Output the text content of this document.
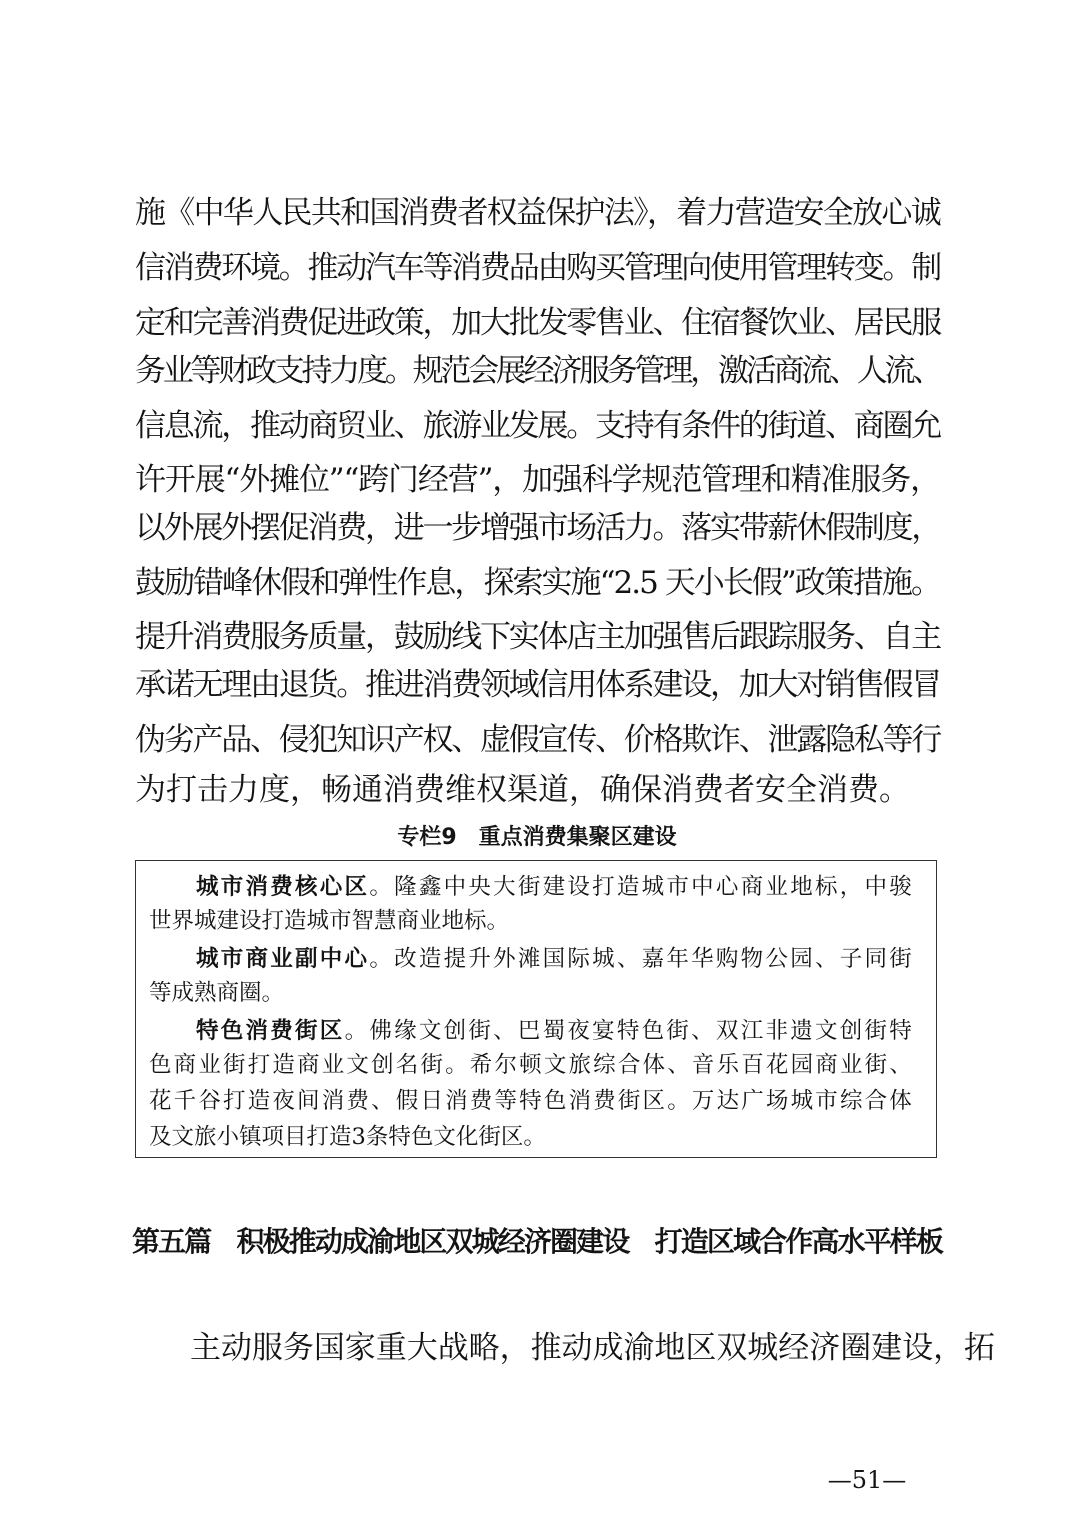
施《中华人民共和国消费者权益保护法》，着力营造安全放心诚

信消费环境。推动汽车等消费品由购买管理向使用管理转变。制

定和完善消费促进政策，加大批发零售业、住宿餐饮业、居民服

务业等财政支持力度。规范会展经济服务管理，激活商流、人流、

信息流，推动商贸业、旅游业发展。支持有条件的街道、商圈允

许开展“外摊位”“跨门经营”，加强科学规范管理和精准服务，

以外展外摆促消费，进一步增强市场活力。落实带薪休假制度，

鼓励错峰休假和弹性作息，探索实施“2.5 天小长假”政策措施。

提升消费服务质量，鼓励线下实体店主加强售后跟踪服务、自主

承诺无理由退货。推进消费领域信用体系建设，加大对销售假冒

伪劣产品、侵犯知识产权、虚假宣传、价格欺诈、泄露隐私等行

为打击力度，畅通消费维权渠道，确保消费者安全消费。

专栏9　重点消费集聚区建设

城市消费核心区。隆鑫中央大街建设打造城市中心商业地标，中骏

世界城建设打造城市智慧商业地标。

城市商业副中心。改造提升外滩国际城、嘉年华购物公园、子同街

等成熟商圈。

特色消费街区。佛缘文创街、巴蜀夜宴特色街、双江非遗文创街特

色商业街打造商业文创名街。希尔顿文旅综合体、音乐百花园商业街、

花千谷打造夜间消费、假日消费等特色消费街区。万达广场城市综合体

及文旅小镇项目打造3条特色文化街区。

第五篇　积极推动成渝地区双城经济圈建设　打造区域合作高水平样板

主动服务国家重大战略，推动成渝地区双城经济圈建设，拓

—51—
